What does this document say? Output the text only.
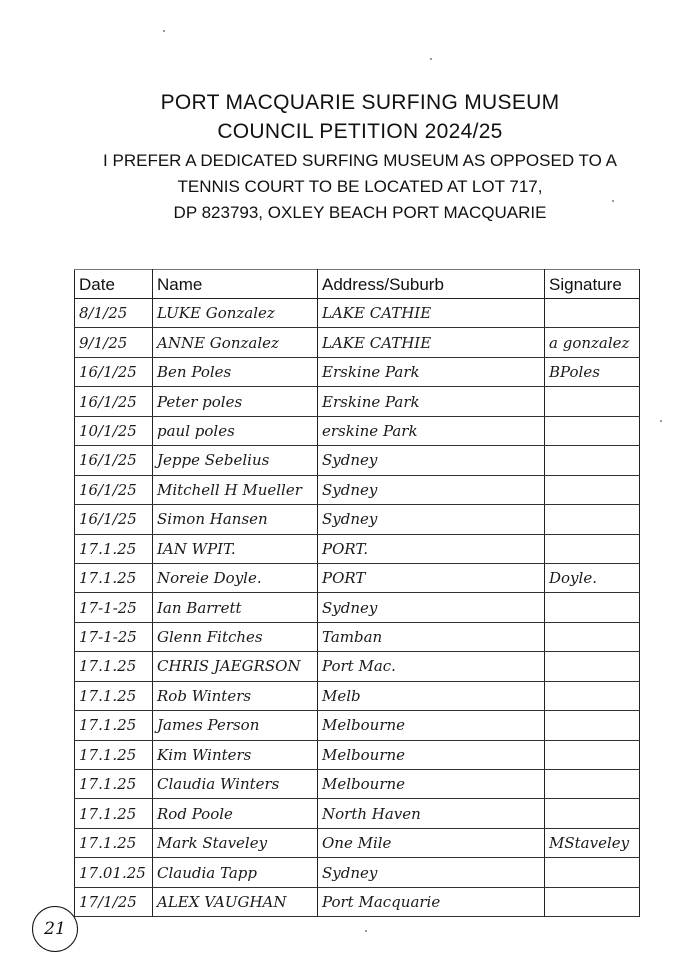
PORT MACQUARIE SURFING MUSEUM
COUNCIL PETITION 2024/25
I PREFER A DEDICATED SURFING MUSEUM AS OPPOSED TO A
TENNIS COURT TO BE LOCATED AT LOT 717,
DP 823793, OXLEY BEACH PORT MACQUARIE
Date	Name	Address/Suburb	Signature
8/1/25	LUKE Gonzalez	LAKE CATHIE	
9/1/25	ANNE Gonzalez	LAKE CATHIE	a gonzalez
16/1/25	Ben Poles	Erskine Park	BPoles
16/1/25	Peter poles	Erskine Park	
10/1/25	paul poles	erskine Park	
16/1/25	Jeppe Sebelius	Sydney	
16/1/25	Mitchell H Mueller	Sydney	
16/1/25	Simon Hansen	Sydney	
17.1.25	IAN WPIT.	PORT.	
17.1.25	Noreie Doyle.	PORT	Doyle.
17-1-25	Ian Barrett	Sydney	
17-1-25	Glenn Fitches	Tamban	
17.1.25	CHRIS JAEGRSON	Port Mac.	
17.1.25	Rob Winters	Melb	
17.1.25	James Person	Melbourne	
17.1.25	Kim Winters	Melbourne	
17.1.25	Claudia Winters	Melbourne	
17.1.25	Rod Poole	North Haven	
17.1.25	Mark Staveley	One Mile	MStaveley
17.01.25	Claudia Tapp	Sydney	
17/1/25	ALEX VAUGHAN	Port Macquarie	
21
